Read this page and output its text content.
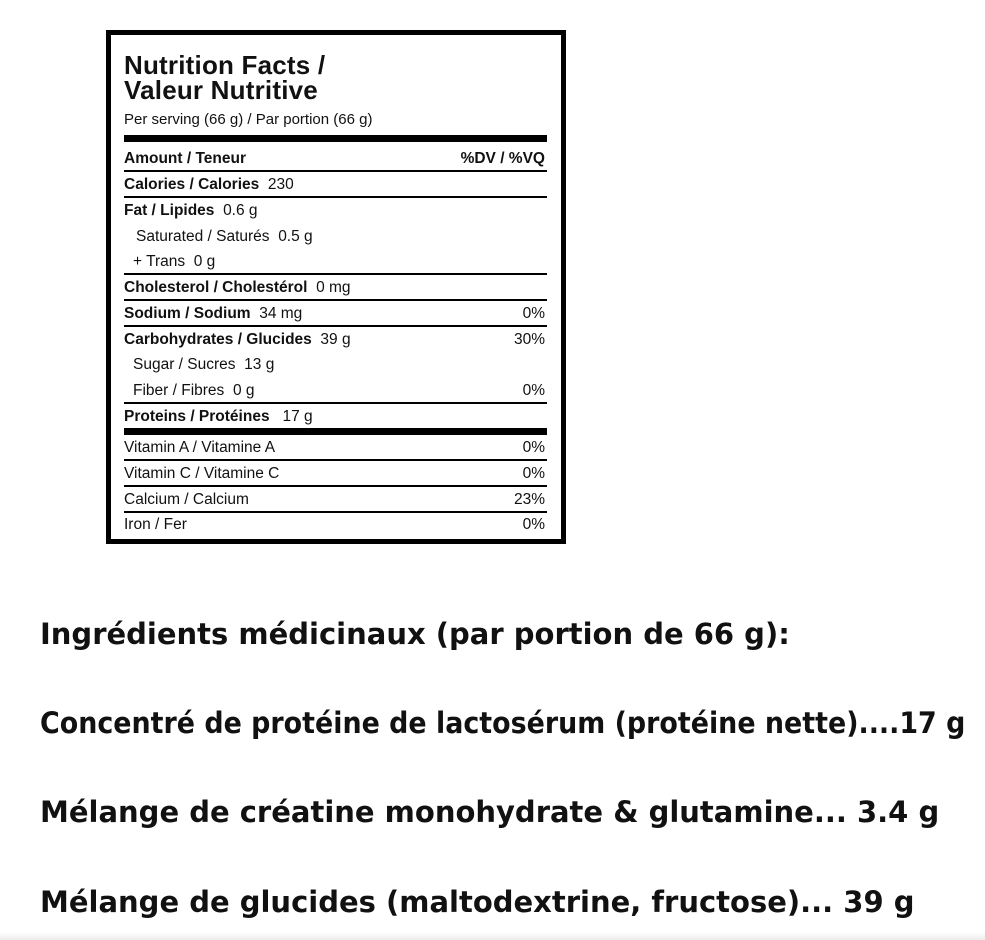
Nutrition Facts /
Valeur Nutritive
Per serving (66 g) / Par portion (66 g)
Amount / Teneur	%DV / %VQ
Calories / Calories 230
Fat / Lipides 0.6 g
Saturated / Saturés 0.5 g
+ Trans 0 g
Cholesterol / Cholestérol 0 mg
Sodium / Sodium 34 mg	0%
Carbohydrates / Glucides 39 g	30%
Sugar / Sucres 13 g
Fiber / Fibres 0 g	0%
Proteins / Protéines 17 g
Vitamin A / Vitamine A	0%
Vitamin C / Vitamine C	0%
Calcium / Calcium	23%
Iron / Fer	0%
Ingrédients médicinaux (par portion de 66 g):
Concentré de protéine de lactosérum (protéine nette)....17 g
Mélange de créatine monohydrate & glutamine... 3.4 g
Mélange de glucides (maltodextrine, fructose)... 39 g
